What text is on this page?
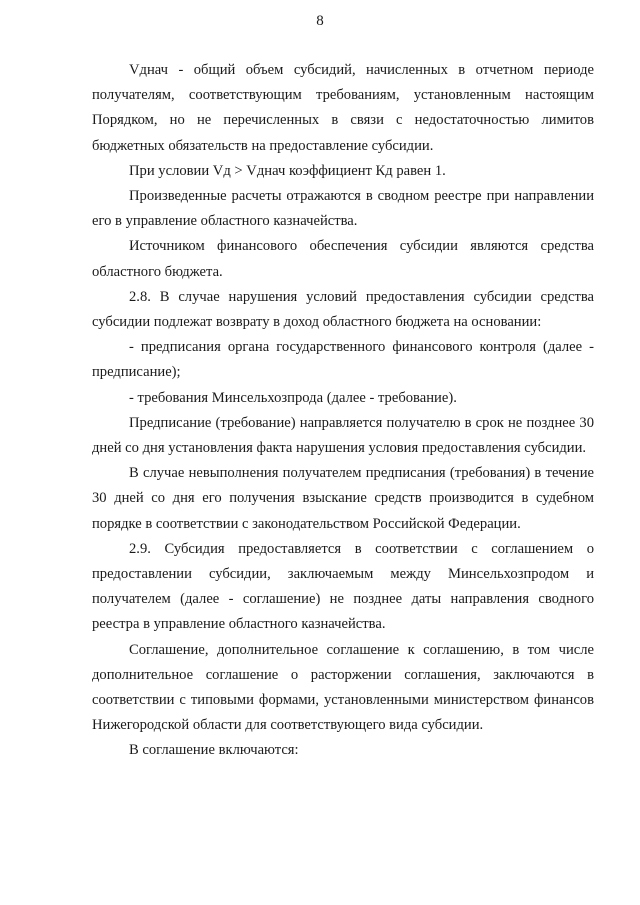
8

Vднач - общий объем субсидий, начисленных в отчетном периоде получателям, соответствующим требованиям, установленным настоящим Порядком, но не перечисленных в связи с недостаточностью лимитов бюджетных обязательств на предоставление субсидии.

При условии Vд > Vднач коэффициент Кд равен 1.

Произведенные расчеты отражаются в сводном реестре при направлении его в управление областного казначейства.

Источником финансового обеспечения субсидии являются средства областного бюджета.

2.8. В случае нарушения условий предоставления субсидии средства субсидии подлежат возврату в доход областного бюджета на основании:

- предписания органа государственного финансового контроля (далее - предписание);

- требования Минсельхозпрода (далее - требование).

Предписание (требование) направляется получателю в срок не позднее 30 дней со дня установления факта нарушения условия предоставления субсидии.

В случае невыполнения получателем предписания (требования) в течение 30 дней со дня его получения взыскание средств производится в судебном порядке в соответствии с законодательством Российской Федерации.

2.9. Субсидия предоставляется в соответствии с соглашением о предоставлении субсидии, заключаемым между Минсельхозпродом и получателем (далее - соглашение) не позднее даты направления сводного реестра в управление областного казначейства.

Соглашение, дополнительное соглашение к соглашению, в том числе дополнительное соглашение о расторжении соглашения, заключаются в соответствии с типовыми формами, установленными министерством финансов Нижегородской области для соответствующего вида субсидии.

В соглашение включаются:
